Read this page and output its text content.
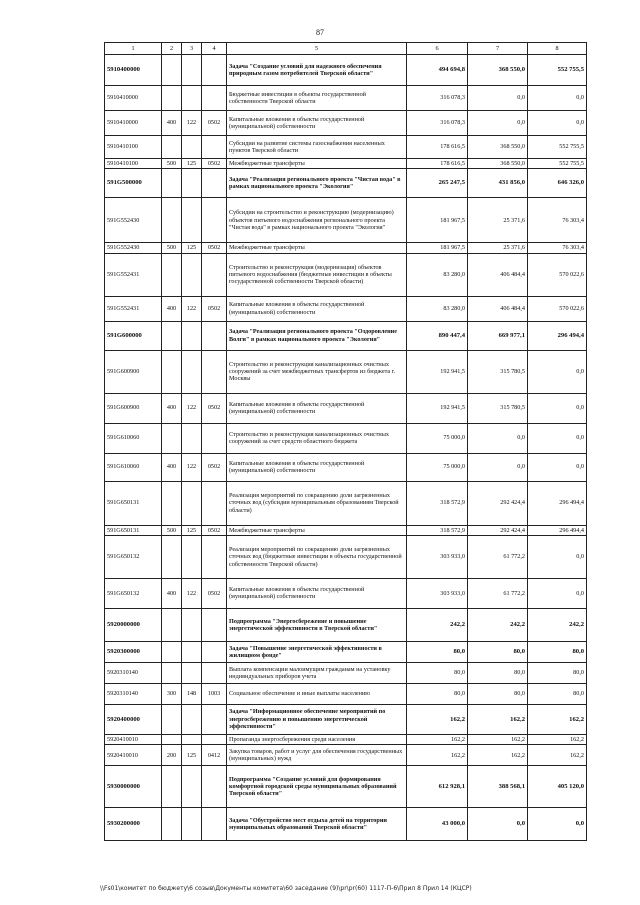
87
1	2	3	4	5	6	7	8
5910400000				Задача "Создание условий для надежного обеспечения природным газом потребителей Тверской области"	494 694,8	368 550,0	552 755,5
5910410000				Бюджетные инвестиции в объекты государственной собственности Тверской области	316 078,3	0,0	0,0
5910410000	400	122	0502	Капитальные вложения в объекты государственной (муниципальной) собственности	316 078,3	0,0	0,0
5910410100				Субсидии на развитие системы газоснабжения населенных пунктов Тверской области	178 616,5	368 550,0	552 755,5
5910410100	500	125	0502	Межбюджетные трансферты	178 616,5	368 550,0	552 755,5
591G500000				Задача "Реализация регионального проекта "Чистая вода" в рамках национального проекта "Экология"	265 247,5	431 856,0	646 326,0
591G552430				Субсидии на строительство и реконструкцию (модернизацию) объектов питьевого водоснабжения регионального проекта "Чистая вода" в рамках национального проекта "Экология"	181 967,5	25 371,6	76 303,4
591G552430	500	125	0502	Межбюджетные трансферты	181 967,5	25 371,6	76 303,4
591G552431				Строительство и реконструкция (модернизация) объектов питьевого водоснабжения (бюджетные инвестиции в объекты государственной собственности Тверской области)	83 280,0	406 484,4	570 022,6
591G552431	400	122	0502	Капитальные вложения в объекты государственной (муниципальной) собственности	83 280,0	406 484,4	570 022,6
591G600000				Задача "Реализация регионального проекта "Оздоровление Волги" в рамках национального проекта "Экология"	890 447,4	669 977,1	296 494,4
591G600900				Строительство и реконструкция канализационных очистных сооружений за счет межбюджетных трансфертов из бюджета г. Москвы	192 941,5	315 780,5	0,0
591G600900	400	122	0502	Капитальные вложения в объекты государственной (муниципальной) собственности	192 941,5	315 780,5	0,0
591G610060				Строительство и реконструкция канализационных очистных сооружений за счет средств областного бюджета	75 000,0	0,0	0,0
591G610060	400	122	0502	Капитальные вложения в объекты государственной (муниципальной) собственности	75 000,0	0,0	0,0
591G650131				Реализация мероприятий по сокращению доли загрязненных сточных вод (субсидии муниципальным образованиям Тверской области)	318 572,9	292 424,4	296 494,4
591G650131	500	125	0502	Межбюджетные трансферты	318 572,9	292 424,4	296 494,4
591G650132				Реализация мероприятий по сокращению доли загрязненных сточных вод (бюджетные инвестиции в объекты государственной собственности Тверской области)	303 933,0	61 772,2	0,0
591G650132	400	122	0502	Капитальные вложения в объекты государственной (муниципальной) собственности	303 933,0	61 772,2	0,0
5920000000				Подпрограмма "Энергосбережение и повышение энергетической эффективности в Тверской области"	242,2	242,2	242,2
5920300000				Задача "Повышение энергетической эффективности в жилищном фонде"	80,0	80,0	80,0
5920310140				Выплата компенсации малоимущим гражданам на установку индивидуальных приборов учета	80,0	80,0	80,0
5920310140	300	148	1003	Социальное обеспечение и иные выплаты населению	80,0	80,0	80,0
5920400000				Задача "Информационное обеспечение мероприятий по энергосбережению и повышению энергетической эффективности"	162,2	162,2	162,2
5920410010				Пропаганда энергосбережения среди населения	162,2	162,2	162,2
5920410010	200	125	0412	Закупка товаров, работ и услуг для обеспечения государственных (муниципальных) нужд	162,2	162,2	162,2
5930000000				Подпрограмма "Создание условий для формирования комфортной городской среды муниципальных образований Тверской области"	612 928,1	388 568,1	405 120,0
5930200000				Задача "Обустройство мест отдыха детей на территории муниципальных образований Тверской области"	43 000,0	0,0	0,0
\\Fs01\комитет по бюджету\6 созыв\Документы комитета\60 заседание (9)\pr\pr(60) 1117-П-6\Прил 8 Прил 14 (КЦСР)
